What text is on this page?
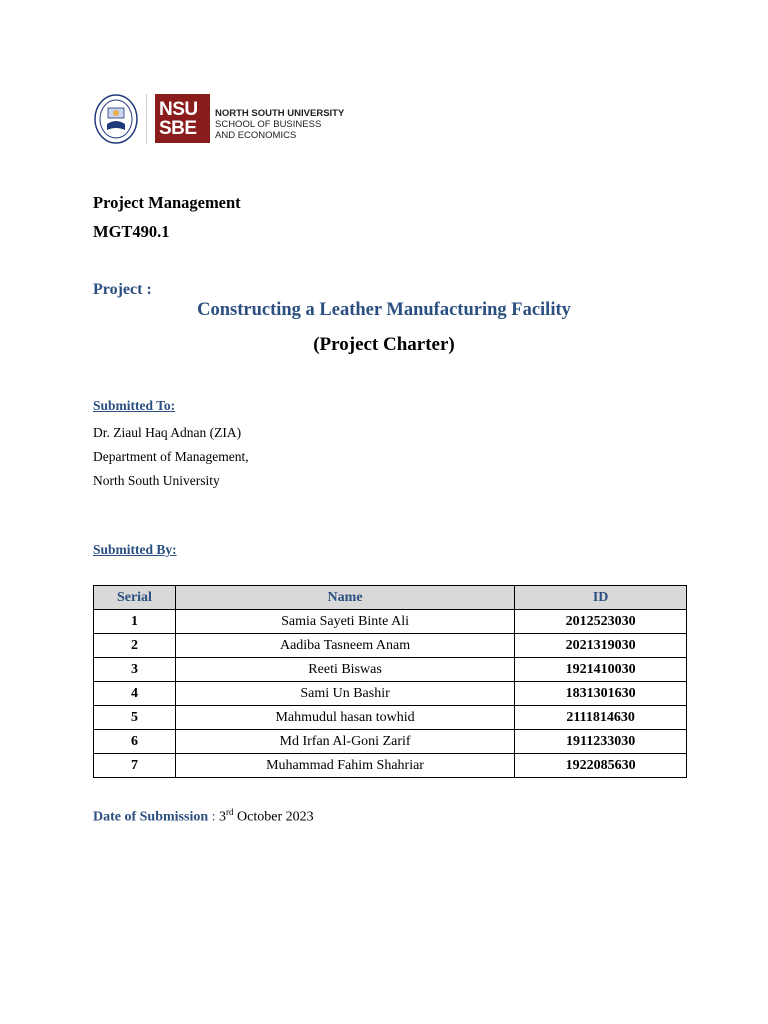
NSU
SBE
NORTH SOUTH UNIVERSITY
SCHOOL OF BUSINESS
AND ECONOMICS
Project Management
MGT490.1
Project :
Constructing a Leather Manufacturing Facility
(Project Charter)
Submitted To:
Dr. Ziaul Haq Adnan (ZIA)
Department of Management,
North South University
Submitted By:
Serial	Name	ID
1	Samia Sayeti Binte Ali	2012523030
2	Aadiba Tasneem Anam	2021319030
3	Reeti Biswas	1921410030
4	Sami Un Bashir	1831301630
5	Mahmudul hasan towhid	2111814630
6	Md Irfan Al-Goni Zarif	1911233030
7	Muhammad Fahim Shahriar	1922085630
Date of Submission : 3rd October 2023
